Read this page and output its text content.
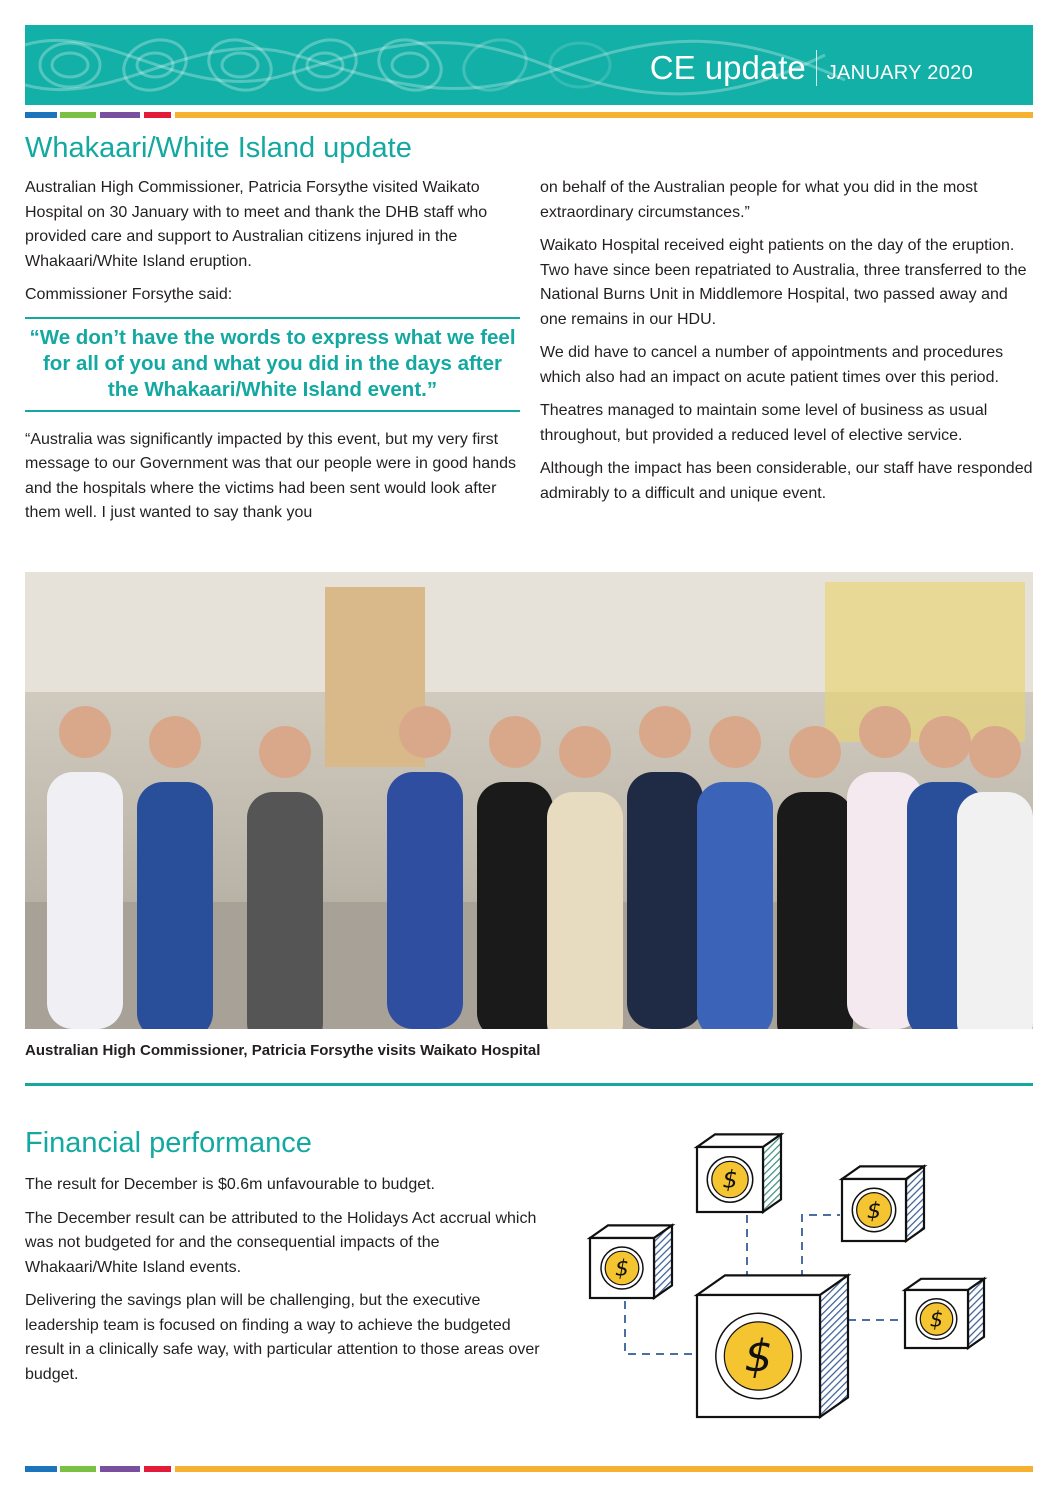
CE update JANUARY 2020
Whakaari/White Island update

Australian High Commissioner, Patricia Forsythe visited Waikato Hospital on 30 January with to meet and thank the DHB staff who provided care and support to Australian citizens injured in the Whakaari/White Island eruption.

Commissioner Forsythe said:

“We don’t have the words to express what we feel for all of you and what you did in the days after the Whakaari/White Island event.”

“Australia was significantly impacted by this event, but my very first message to our Government was that our people were in good hands and the hospitals where the victims had been sent would look after them well. I just wanted to say thank you

on behalf of the Australian people for what you did in the most extraordinary circumstances.”

Waikato Hospital received eight patients on the day of the eruption. Two have since been repatriated to Australia, three transferred to the National Burns Unit in Middlemore Hospital, two passed away and one remains in our HDU.

We did have to cancel a number of appointments and procedures which also had an impact on acute patient times over this period.

Theatres managed to maintain some level of business as usual throughout, but provided a reduced level of elective service.

Although the impact has been considerable, our staff have responded admirably to a difficult and unique event.

Australian High Commissioner, Patricia Forsythe visits Waikato Hospital
Financial performance

The result for December is $0.6m unfavourable to budget.

The December result can be attributed to the Holidays Act accrual which was not budgeted for and the consequential impacts of the Whakaari/White Island events.

Delivering the savings plan will be challenging, but the executive leadership team is focused on finding a way to achieve the budgeted result in a clinically safe way, with particular attention to those areas over budget.	$
$
$
$
$
